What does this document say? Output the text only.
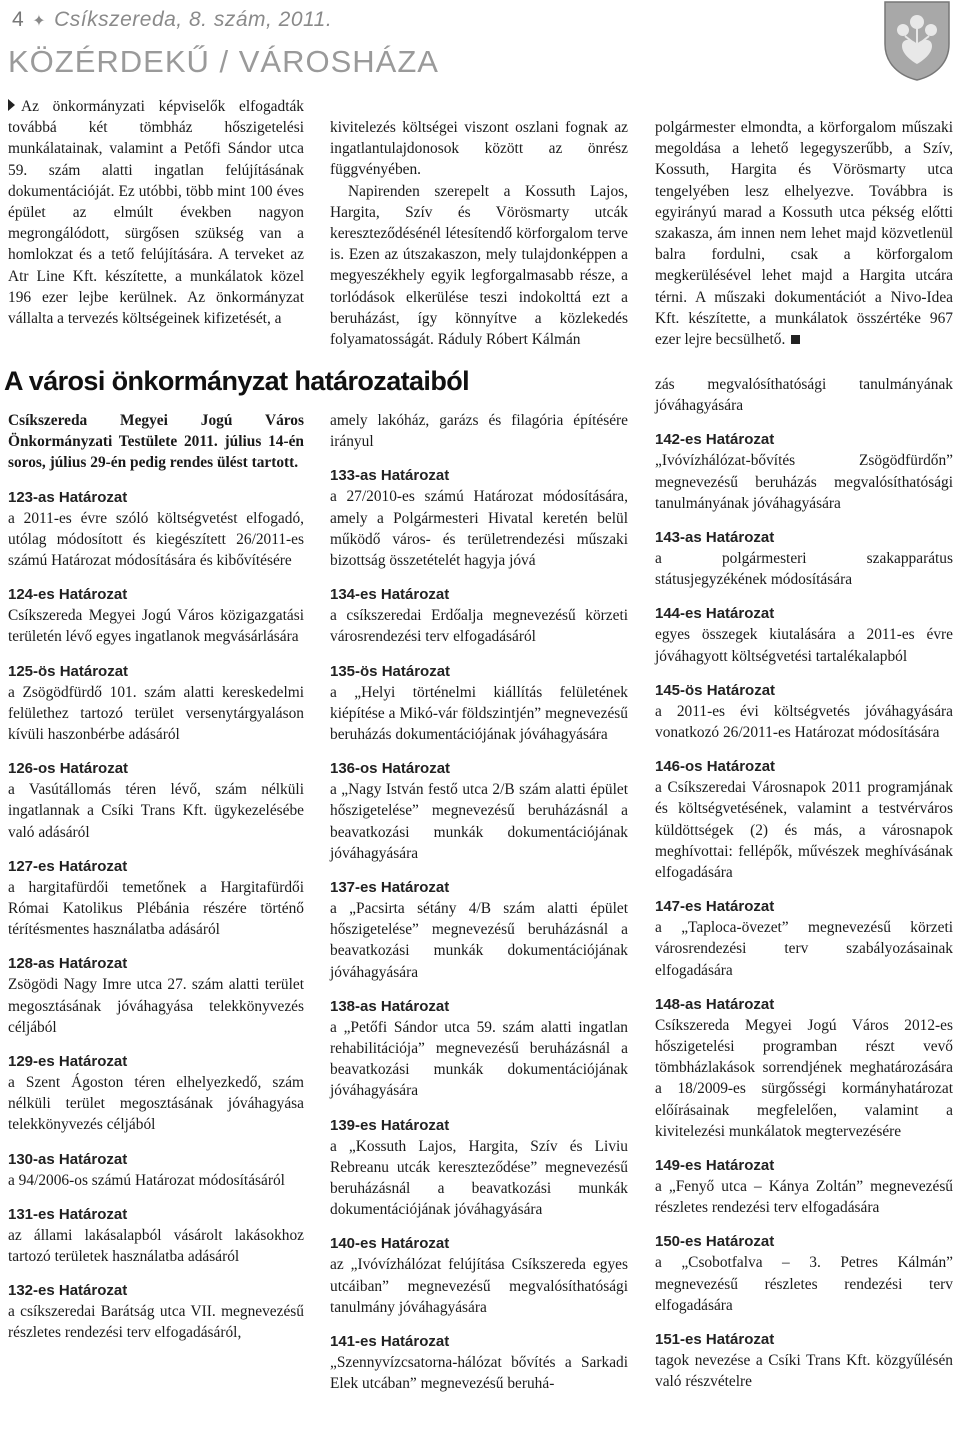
4 ✦ Csíkszereda, 8. szám, 2011.
KÖZÉRDEKŰ / VÁROSHÁZA

Az önkormányzati képviselők elfogadták továbbá két tömbház hőszigetelési munkálatainak, valamint a Petőfi Sándor utca 59. szám alatti ingatlan felújításának dokumentációját. Ez utóbbi, több mint 100 éves épület az elmúlt években nagyon megrongálódott, sürgősen szükség van a homlokzat és a tető felújítására. A terveket az Atr Line Kft. készítette, a munkálatok közel 196 ezer lejbe kerülnek. Az önkormányzat vállalta a tervezés költségeinek kifizetését, a

kivitelezés költségei viszont oszlani fognak az ingatlantulajdonosok között az önrész függvényében.

Napirenden szerepelt a Kossuth Lajos, Hargita, Szív és Vörösmarty utcák kereszteződésénél létesítendő körforgalom terve is. Ezen az útszakaszon, mely tulajdonképpen a megyeszékhely egyik legforgalmasabb része, a torlódások elkerülése teszi indokolttá ezt a beruházást, így könnyítve a közlekedés folyamatosságát. Ráduly Róbert Kálmán

polgármester elmondta, a körforgalom műszaki megoldása a lehető legegyszerűbb, a Szív, Kossuth, Hargita és Vörösmarty utca tengelyében lesz elhelyezve. Továbbra is egyirányú marad a Kossuth utca pékség előtti szakasza, ám innen nem lehet majd közvetlenül balra fordulni, csak a körforgalom megkerülésével lehet majd a Hargita utcára térni. A műszaki dokumentációt a Nivo-Idea Kft. készítette, a munkálatok összértéke 967 ezer lejre becsülhető.

A városi önkormányzat határozataiból

Csíkszereda Megyei Jogú Város Önkormányzati Testülete 2011. július 14-én soros, július 29-én pedig rendes ülést tartott.

123-as Határozat

a 2011-es évre szóló költségvetést elfogadó, utólag módosított és kiegészített 26/2011-es számú Határozat módosítására és kibővítésére

124-es Határozat

Csíkszereda Megyei Jogú Város közigazgatási területén lévő egyes ingatlanok megvásárlására

125-ös Határozat

a Zsögödfürdő 101. szám alatti kereskedelmi felülethez tartozó terület versenytárgyaláson kívüli haszonbérbe adásáról

126-os Határozat

a Vasútállomás téren lévő, szám nélküli ingatlannak a Csíki Trans Kft. ügykezelésébe való adásáról

127-es Határozat

a hargitafürdői temetőnek a Hargitafürdői Római Katolikus Plébánia részére történő térítésmentes használatba adásáról

128-as Határozat

Zsögödi Nagy Imre utca 27. szám alatti terület megosztásának jóváhagyása telekkönyvezés céljából

129-es Határozat

a Szent Ágoston téren elhelyezkedő, szám nélküli terület megosztásának jóváhagyása telekkönyvezés céljából

130-as Határozat

a 94/2006-os számú Határozat módosításáról

131-es Határozat

az állami lakásalapból vásárolt lakásokhoz tartozó területek használatba adásáról

132-es Határozat

a csíkszeredai Barátság utca VII. megnevezésű részletes rendezési terv elfogadásáról,

amely lakóház, garázs és filagória építésére irányul

133-as Határozat

a 27/2010-es számú Határozat módosítására, amely a Polgármesteri Hivatal keretén belül működő város- és területrendezési műszaki bizottság összetételét hagyja jóvá

134-es Határozat

a csíkszeredai Erdőalja megnevezésű körzeti városrendezési terv elfogadásáról

135-ös Határozat

a „Helyi történelmi kiállítás felületének kiépítése a Mikó-vár földszintjén” megnevezésű beruházás dokumentációjának jóváhagyására

136-os Határozat

a „Nagy István festő utca 2/B szám alatti épület hőszigetelése” megnevezésű beruházásnál a beavatkozási munkák dokumentációjának jóváhagyására

137-es Határozat

a „Pacsirta sétány 4/B szám alatti épület hőszigetelése” megnevezésű beruházásnál a beavatkozási munkák dokumentációjának jóváhagyására

138-as Határozat

a „Petőfi Sándor utca 59. szám alatti ingatlan rehabilitációja” megnevezésű beruházásnál a beavatkozási munkák dokumentációjának jóváhagyására

139-es Határozat

a „Kossuth Lajos, Hargita, Szív és Liviu Rebreanu utcák kereszteződése” megnevezésű beruházásnál a beavatkozási munkák dokumentációjának jóváhagyására

140-es Határozat

az „Ivóvízhálózat felújítása Csíkszereda egyes utcáiban” megnevezésű megvalósíthatósági tanulmány jóváhagyására

141-es Határozat

„Szennyvízcsatorna-hálózat bővítés a Sarkadi Elek utcában” megnevezésű beruhá-

zás megvalósíthatósági tanulmányának jóváhagyására

142-es Határozat

„Ivóvízhálózat-bővítés Zsögödfürdőn” megnevezésű beruházás megvalósíthatósági tanulmányának jóváhagyására

143-as Határozat

a polgármesteri szakapparátus státusjegyzékének módosítására

144-es Határozat

egyes összegek kiutalására a 2011-es évre jóváhagyott költségvetési tartalékalapból

145-ös Határozat

a 2011-es évi költségvetés jóváhagyására vonatkozó 26/2011-es Határozat módosítására

146-os Határozat

a Csíkszeredai Városnapok 2011 programjának és költségvetésének, valamint a testvérváros küldöttségek (2) és más, a városnapok meghívottai: fellépők, művészek meghívásának elfogadására

147-es Határozat

a „Taploca-övezet” megnevezésű körzeti városrendezési terv szabályozásainak elfogadására

148-as Határozat

Csíkszereda Megyei Jogú Város 2012-es hőszigetelési programban részt vevő tömbházlakások sorrendjének meghatározására a 18/2009-es sürgősségi kormányhatározat előírásainak megfelelően, valamint a kivitelezési munkálatok megtervezésére

149-es Határozat

a „Fenyő utca – Kánya Zoltán” megnevezésű részletes rendezési terv elfogadására

150-es Határozat

a „Csobotfalva – 3. Petres Kálmán” megnevezésű részletes rendezési terv elfogadására

151-es Határozat

tagok nevezése a Csíki Trans Kft. közgyűlésén való részvételre
